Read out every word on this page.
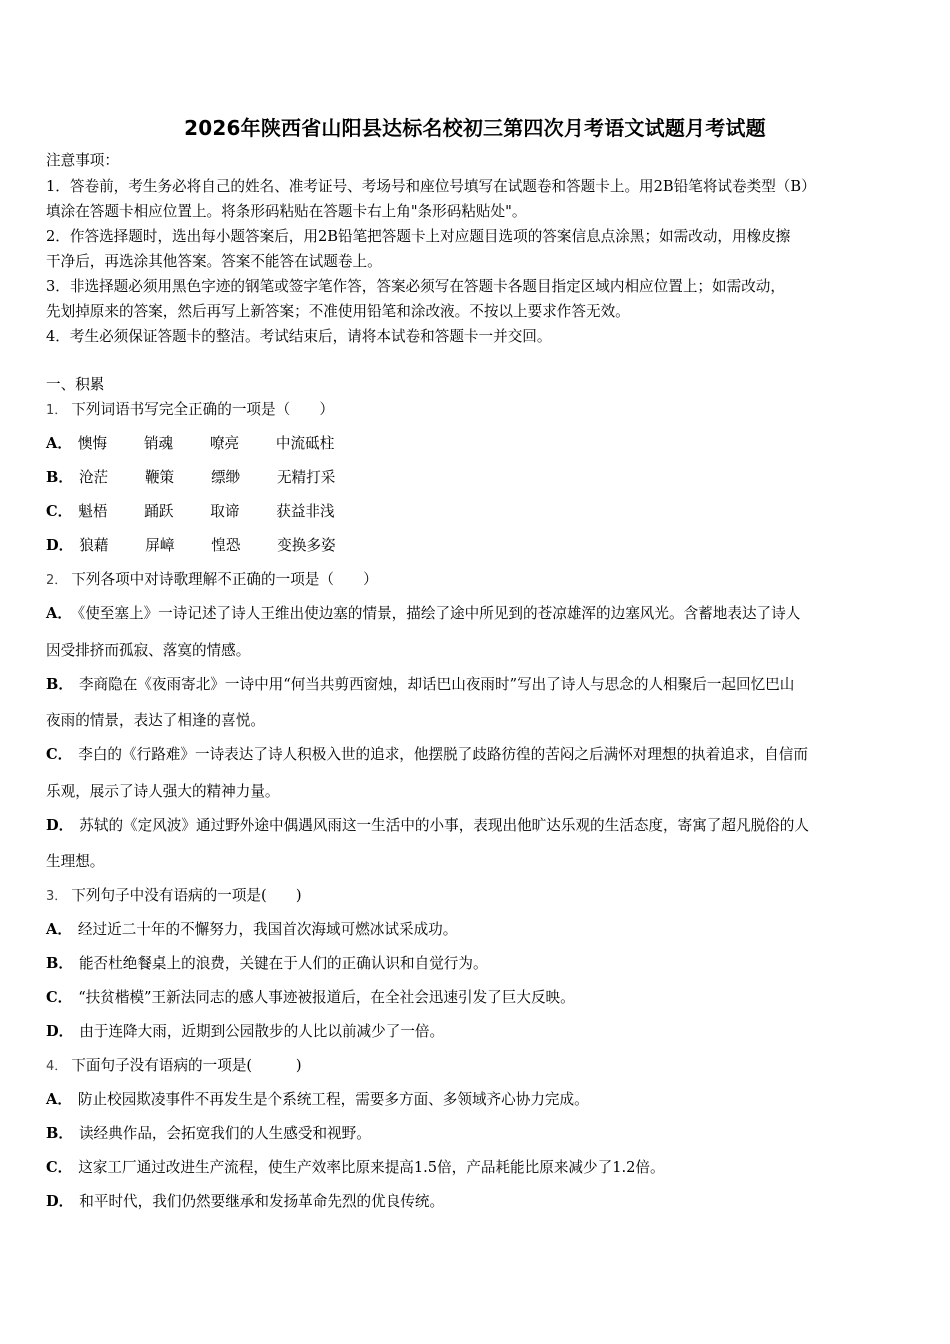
2026年陕西省山阳县达标名校初三第四次月考语文试题月考试题
注意事项：
1．答卷前，考生务必将自己的姓名、准考证号、考场号和座位号填写在试题卷和答题卡上。用2B铅笔将试卷类型（B）
填涂在答题卡相应位置上。将条形码粘贴在答题卡右上角"条形码粘贴处"。
2．作答选择题时，选出每小题答案后，用2B铅笔把答题卡上对应题目选项的答案信息点涂黑；如需改动，用橡皮擦
干净后，再选涂其他答案。答案不能答在试题卷上。
3．非选择题必须用黑色字迹的钢笔或签字笔作答，答案必须写在答题卡各题目指定区域内相应位置上；如需改动，
先划掉原来的答案，然后再写上新答案；不准使用铅笔和涂改液。不按以上要求作答无效。
4．考生必须保证答题卡的整洁。考试结束后，请将本试卷和答题卡一并交回。
一、积累
1． 下列词语书写完全正确的一项是（　　）
A． 懊悔	销魂	嘹亮	中流砥柱
B． 沧茫	鞭策	缥缈	无精打采
C． 魁梧	踊跃	取谛	获益非浅
D． 狼藉	屏嶂	惶恐	变换多姿
2． 下列各项中对诗歌理解不正确的一项是（　　）
A． 《使至塞上》一诗记述了诗人王维出使边塞的情景，描绘了途中所见到的苍凉雄浑的边塞风光。含蓄地表达了诗人
因受排挤而孤寂、落寞的情感。
B． 李商隐在《夜雨寄北》一诗中用“何当共剪西窗烛，却话巴山夜雨时”写出了诗人与思念的人相聚后一起回忆巴山
夜雨的情景，表达了相逢的喜悦。
C． 李白的《行路难》一诗表达了诗人积极入世的追求，他摆脱了歧路彷徨的苦闷之后满怀对理想的执着追求，自信而
乐观，展示了诗人强大的精神力量。
D． 苏轼的《定风波》通过野外途中偶遇风雨这一生活中的小事，表现出他旷达乐观的生活态度，寄寓了超凡脱俗的人
生理想。
3． 下列句子中没有语病的一项是(　　)
A． 经过近二十年的不懈努力，我国首次海域可燃冰试采成功。
B． 能否杜绝餐桌上的浪费，关键在于人们的正确认识和自觉行为。
C． “扶贫楷模”王新法同志的感人事迹被报道后，在全社会迅速引发了巨大反映。
D． 由于连降大雨，近期到公园散步的人比以前减少了一倍。
4． 下面句子没有语病的一项是(　　　)
A． 防止校园欺凌事件不再发生是个系统工程，需要多方面、多领域齐心协力完成。
B． 读经典作品，会拓宽我们的人生感受和视野。
C． 这家工厂通过改进生产流程，使生产效率比原来提高1.5倍，产品耗能比原来减少了1.2倍。
D． 和平时代，我们仍然要继承和发扬革命先烈的优良传统。
